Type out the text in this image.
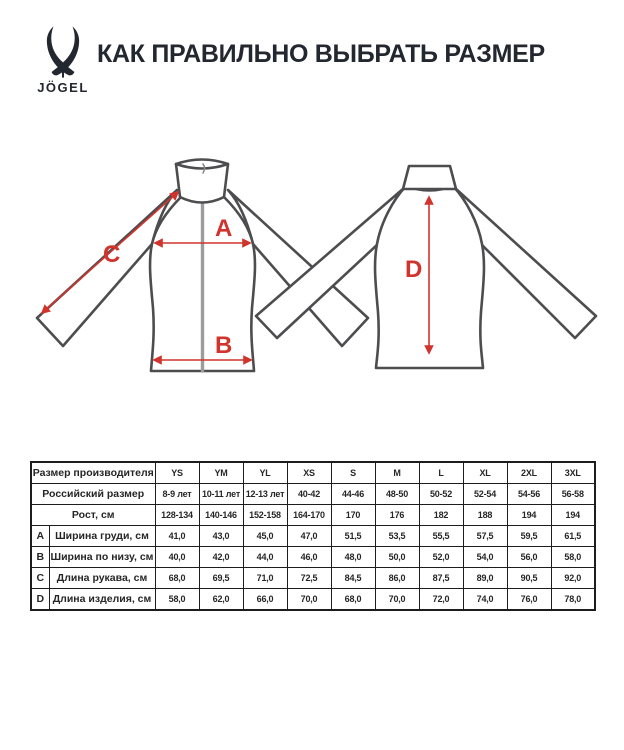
JÖGEL
КАК ПРАВИЛЬНО ВЫБРАТЬ РАЗМЕР
A
B
C
D
Размер производителя		YS	YM	YL	XS	S	M	L	XL	2XL	3XL
Российский размер		8-9 лет	10-11 лет	12-13 лет	40-42	44-46	48-50	50-52	52-54	54-56	56-58
Рост, см		128-134	140-146	152-158	164-170	170	176	182	188	194	194
A	Ширина груди, см	41,0	43,0	45,0	47,0	51,5	53,5	55,5	57,5	59,5	61,5
B	Ширина по низу, см	40,0	42,0	44,0	46,0	48,0	50,0	52,0	54,0	56,0	58,0
C	Длина рукава, см	68,0	69,5	71,0	72,5	84,5	86,0	87,5	89,0	90,5	92,0
D	Длина изделия, см	58,0	62,0	66,0	70,0	68,0	70,0	72,0	74,0	76,0	78,0
